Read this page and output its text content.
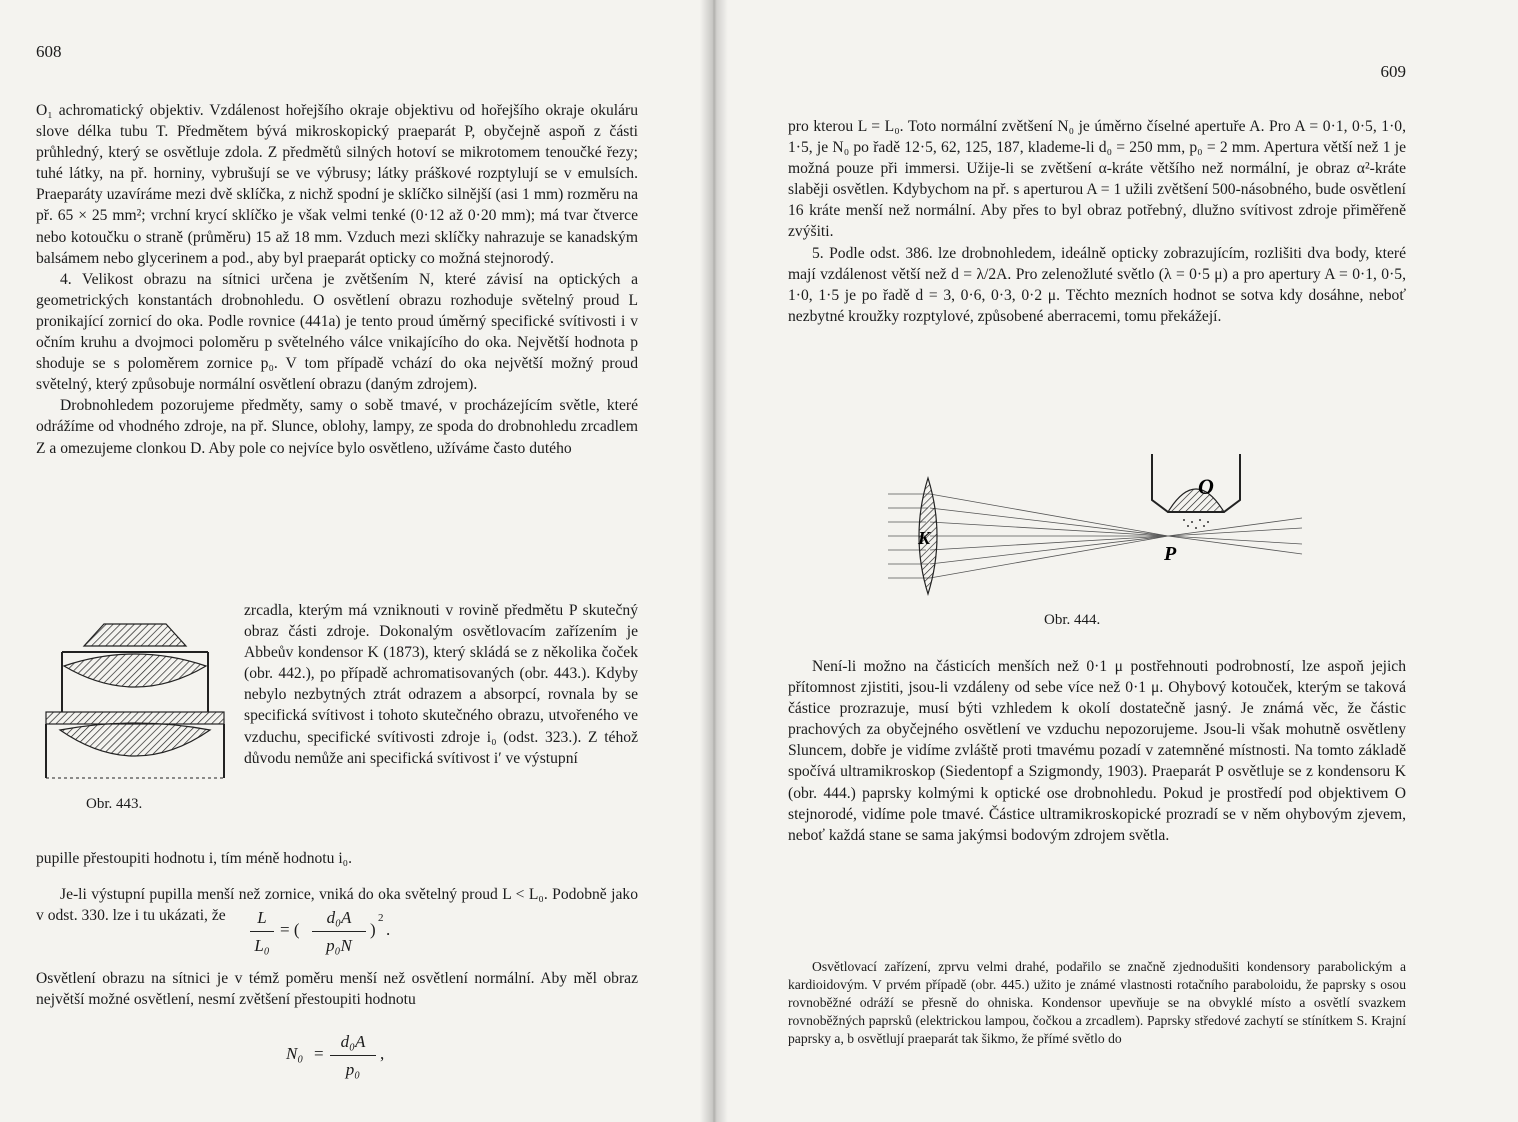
608

O₁ achromatický objektiv. Vzdálenost hořejšího okraje objektivu od hořejšího okraje okuláru slove délka tubu T. Předmětem bývá mikroskopický praeparát P, obyčejně aspoň z části průhledný, který se osvětluje zdola. Z předmětů silných hotoví se mikrotomem tenoučké řezy; tuhé látky, na př. horniny, vybrušují se ve výbrusy; látky práškové rozptylují se v emulsích. Praeparáty uzavíráme mezi dvě sklíčka, z nichž spodní je sklíčko silnější (asi 1 mm) rozměru na př. 65 × 25 mm²; vrchní krycí sklíčko je však velmi tenké (0·12 až 0·20 mm); má tvar čtverce nebo kotoučku o straně (průměru) 15 až 18 mm. Vzduch mezi sklíčky nahrazuje se kanadským balsámem nebo glycerinem a pod., aby byl praeparát opticky co možná stejnorodý.

4. Velikost obrazu na sítnici určena je zvětšením N, které závisí na optických a geometrických konstantách drobnohledu. O osvětlení obrazu rozhoduje světelný proud L pronikající zornicí do oka. Podle rovnice (441a) je tento proud úměrný specifické svítivosti i v očním kruhu a dvojmoci poloměru p světelného válce vnikajícího do oka. Největší hodnota p shoduje se s poloměrem zornice p₀. V tom případě vchází do oka největší možný proud světelný, který způsobuje normální osvětlení obrazu (daným zdrojem).

Drobnohledem pozorujeme předměty, samy o sobě tmavé, v procházejícím světle, které odrážíme od vhodného zdroje, na př. Slunce, oblohy, lampy, ze spoda do drobnohledu zrcadlem Z a omezujeme clonkou D. Aby pole co nejvíce bylo osvětleno, užíváme často dutého

Obr. 443.
zrcadla, kterým má vzniknouti v rovině předmětu P skutečný obraz části zdroje. Dokonalým osvětlovacím zařízením je Abbeův kondensor K (1873), který skládá se z několika čoček (obr. 442.), po případě achromatisovaných (obr. 443.). Kdyby nebylo nezbytných ztrát odrazem a absorpcí, rovnala by se specifická svítivost i tohoto skutečného obrazu, utvořeného ve vzduchu, specifické svítivosti zdroje i₀ (odst. 323.). Z téhož důvodu nemůže ani specifická svítivost i′ ve výstupní

pupille přestoupiti hodnotu i, tím méně hodnotu i₀.

Je-li výstupní pupilla menší než zornice, vniká do oka světelný proud L < L₀. Podobně jako v odst. 330. lze i tu ukázati, že	L
L₀
= (
d₀A
p₀N
)
2
.

Osvětlení obrazu na sítnici je v témž poměru menší než osvětlení normální. Aby měl obraz největší možné osvětlení, nesmí zvětšení přestoupiti hodnotu

N₀ =
d₀A
p₀
,
609

pro kterou L = L₀. Toto normální zvětšení N₀ je úměrno číselné apertuře A. Pro A = 0·1, 0·5, 1·0, 1·5, je N₀ po řadě 12·5, 62, 125, 187, klademe-li d₀ = 250 mm, p₀ = 2 mm. Apertura větší než 1 je možná pouze při immersi. Užije-li se zvětšení α-kráte většího než normální, je obraz α²-kráte slaběji osvětlen. Kdybychom na př. s aperturou A = 1 užili zvětšení 500-násobného, bude osvětlení 16 kráte menší než normální. Aby přes to byl obraz potřebný, dlužno svítivost zdroje přiměřeně zvýšiti.

5. Podle odst. 386. lze drobnohledem, ideálně opticky zobrazujícím, rozlišiti dva body, které mají vzdálenost větší než d = λ/2A. Pro zelenožluté světlo (λ = 0·5 μ) a pro apertury A = 0·1, 0·5, 1·0, 1·5 je po řadě d = 3, 0·6, 0·3, 0·2 μ. Těchto mezních hodnot se sotva kdy dosáhne, neboť nezbytné kroužky rozptylové, způsobené aberracemi, tomu překážejí.

O
K
P
Obr. 444.

Není-li možno na částicích menších než 0·1 μ postřehnouti podrobností, lze aspoň jejich přítomnost zjistiti, jsou-li vzdáleny od sebe více než 0·1 μ. Ohybový kotouček, kterým se taková částice prozrazuje, musí býti vzhledem k okolí dostatečně jasný. Je známá věc, že částic prachových za obyčejného osvětlení ve vzduchu nepozorujeme. Jsou-li však mohutně osvětleny Sluncem, dobře je vidíme zvláště proti tmavému pozadí v zatemněné místnosti. Na tomto základě spočívá ultramikroskop (Siedentopf a Szigmondy, 1903). Praeparát P osvětluje se z kondensoru K (obr. 444.) paprsky kolmými k optické ose drobnohledu. Pokud je prostředí pod objektivem O stejnorodé, vidíme pole tmavé. Částice ultramikroskopické prozradí se v něm ohybovým zjevem, neboť každá stane se sama jakýmsi bodovým zdrojem světla.

Osvětlovací zařízení, zprvu velmi drahé, podařilo se značně zjednodušiti kondensory parabolickým a kardioidovým. V prvém případě (obr. 445.) užito je známé vlastnosti rotačního paraboloidu, že paprsky s osou rovnoběžné odráží se přesně do ohniska. Kondensor upevňuje se na obvyklé místo a osvětlí svazkem rovnoběžných paprsků (elektrickou lampou, čočkou a zrcadlem). Paprsky středové zachytí se stínítkem S. Krajní paprsky a, b osvětlují praeparát tak šikmo, že přímé světlo do
